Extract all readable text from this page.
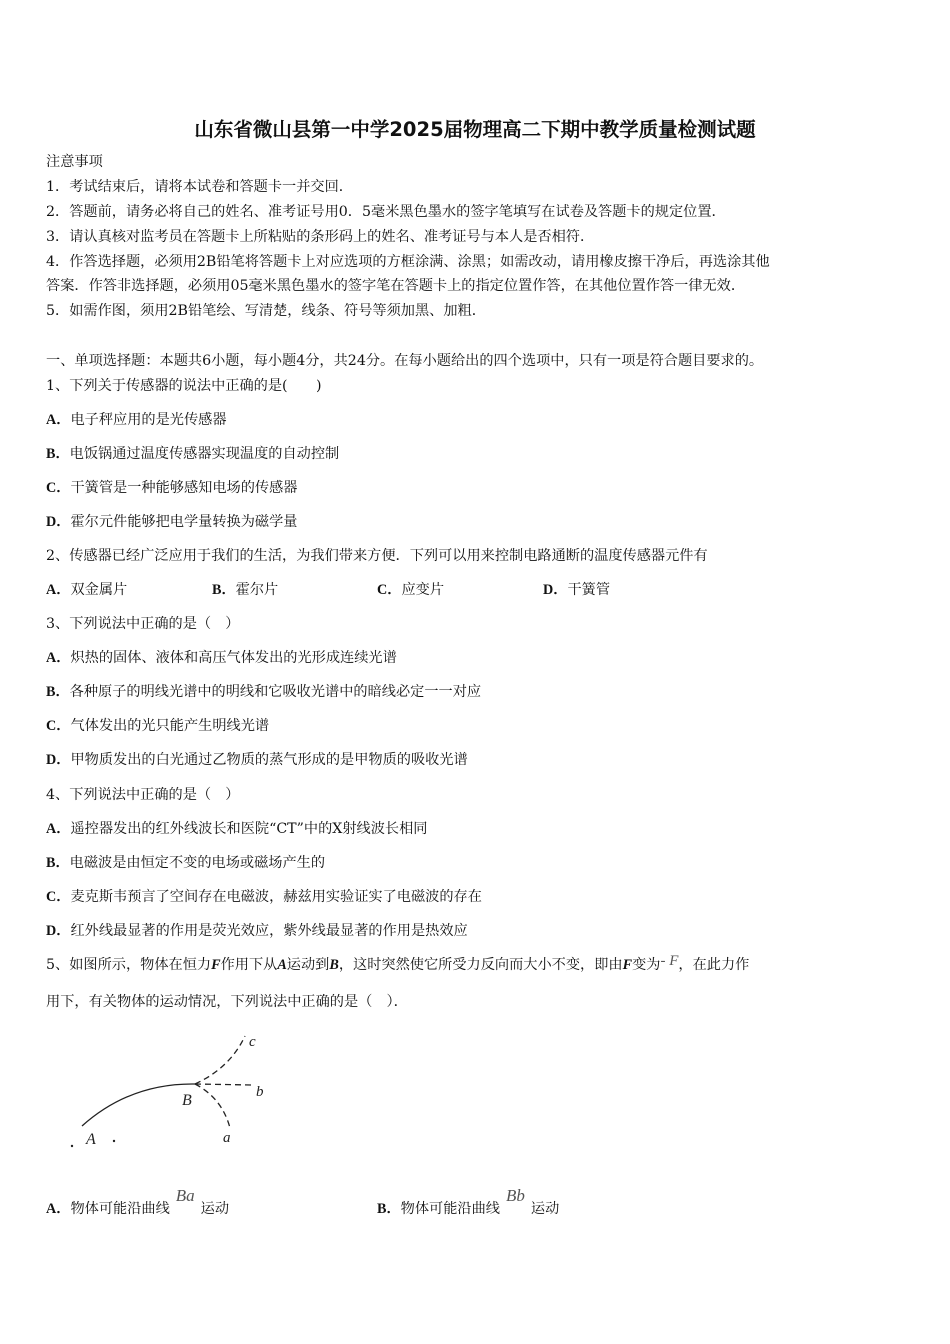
山东省微山县第一中学2025届物理高二下期中教学质量检测试题
注意事项
1．考试结束后，请将本试卷和答题卡一并交回．
2．答题前，请务必将自己的姓名、准考证号用0．5毫米黑色墨水的签字笔填写在试卷及答题卡的规定位置．
3．请认真核对监考员在答题卡上所粘贴的条形码上的姓名、准考证号与本人是否相符．
4．作答选择题，必须用2B铅笔将答题卡上对应选项的方框涂满、涂黑；如需改动，请用橡皮擦干净后，再选涂其他
答案．作答非选择题，必须用05毫米黑色墨水的签字笔在答题卡上的指定位置作答，在其他位置作答一律无效．
5．如需作图，须用2B铅笔绘、写清楚，线条、符号等须加黑、加粗．
一、单项选择题：本题共6小题，每小题4分，共24分。在每小题给出的四个选项中，只有一项是符合题目要求的。
1、下列关于传感器的说法中正确的是(　　)
A．电子秤应用的是光传感器
B．电饭锅通过温度传感器实现温度的自动控制
C．干簧管是一种能够感知电场的传感器
D．霍尔元件能够把电学量转换为磁学量
2、传感器已经广泛应用于我们的生活，为我们带来方便．下列可以用来控制电路通断的温度传感器元件有
A．双金属片	B．霍尔片	C．应变片	D．干簧管
3、下列说法中正确的是（　）
A．炽热的固体、液体和高压气体发出的光形成连续光谱
B．各种原子的明线光谱中的明线和它吸收光谱中的暗线必定一一对应
C．气体发出的光只能产生明线光谱
D．甲物质发出的白光通过乙物质的蒸气形成的是甲物质的吸收光谱
4、下列说法中正确的是（　）
A．遥控器发出的红外线波长和医院“CT”中的X射线波长相同
B．电磁波是由恒定不变的电场或磁场产生的
C．麦克斯韦预言了空间存在电磁波，赫兹用实验证实了电磁波的存在
D．红外线最显著的作用是荧光效应，紫外线最显著的作用是热效应
5、如图所示，物体在恒力F作用下从A运动到B，这时突然使它所受力反向而大小不变，即由F变为- F，在此力作
用下，有关物体的运动情况，下列说法中正确的是（　）．
c
b
B
A	a
A．物体可能沿曲线Ba运动	B．物体可能沿曲线Bb运动
